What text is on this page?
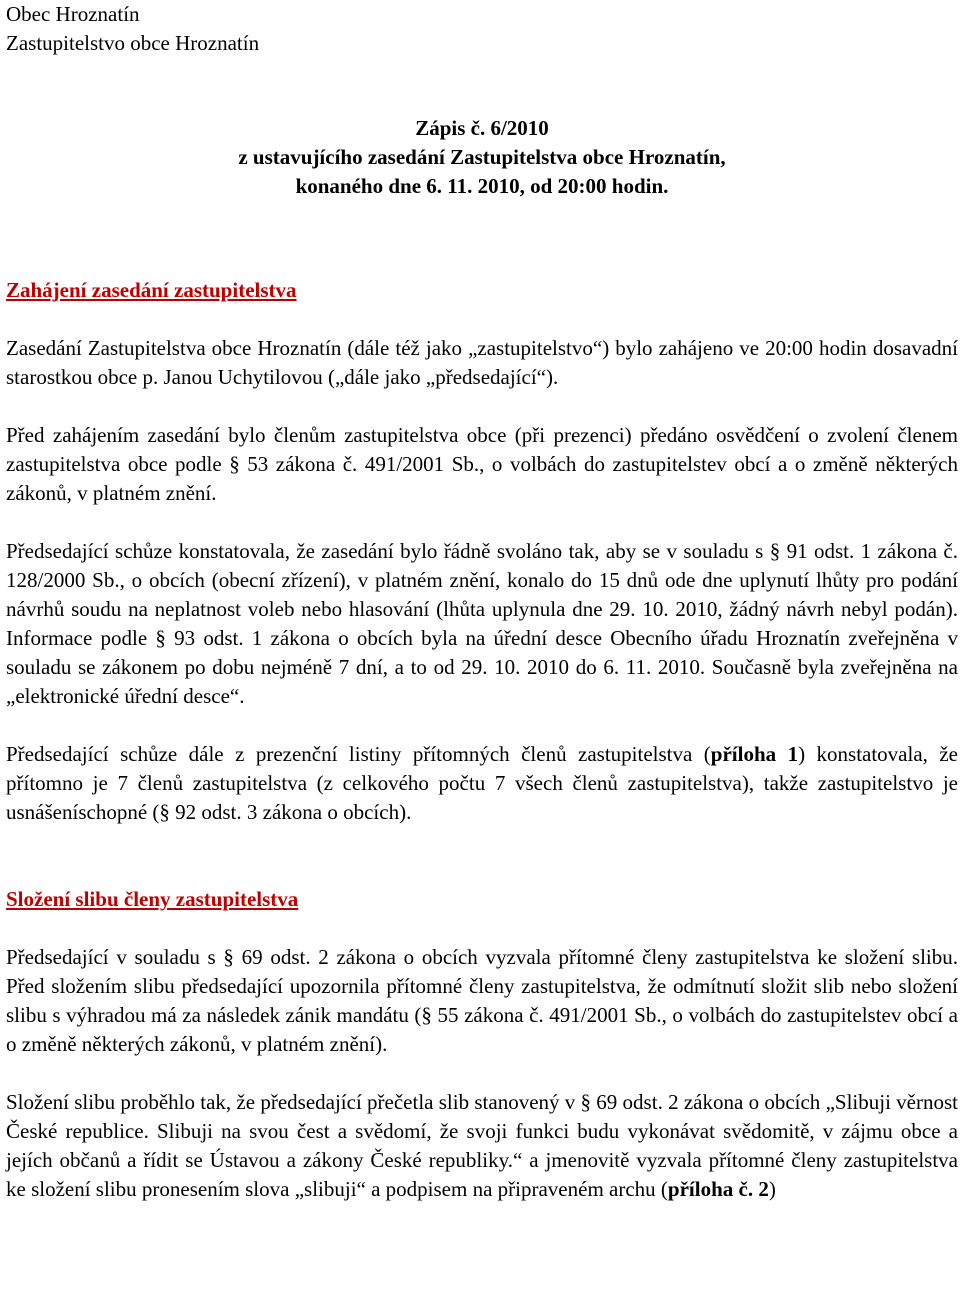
Obec Hroznatín
Zastupitelstvo obce Hroznatín
Zápis č. 6/2010
z ustavujícího zasedání Zastupitelstva obce Hroznatín,
konaného dne 6. 11. 2010, od 20:00 hodin.
Zahájení zasedání zastupitelstva

Zasedání Zastupitelstva obce Hroznatín (dále též jako „zastupitelstvo“) bylo zahájeno ve 20:00 hodin dosavadní starostkou obce p. Janou Uchytilovou („dále jako „předsedající“).

Před zahájením zasedání bylo členům zastupitelstva obce (při prezenci) předáno osvědčení o zvolení členem zastupitelstva obce podle § 53 zákona č. 491/2001 Sb., o volbách do zastupitelstev obcí a o změně některých zákonů, v platném znění.

Předsedající schůze konstatovala, že zasedání bylo řádně svoláno tak, aby se v souladu s § 91 odst. 1 zákona č. 128/2000 Sb., o obcích (obecní zřízení), v platném znění, konalo do 15 dnů ode dne uplynutí lhůty pro podání návrhů soudu na neplatnost voleb nebo hlasování (lhůta uplynula dne 29. 10. 2010, žádný návrh nebyl podán). Informace podle § 93 odst. 1 zákona o obcích byla na úřední desce Obecního úřadu Hroznatín zveřejněna v souladu se zákonem po dobu nejméně 7 dní, a to od 29. 10. 2010 do 6. 11. 2010. Současně byla zveřejněna na „elektronické úřední desce“.

Předsedající schůze dále z prezenční listiny přítomných členů zastupitelstva (příloha 1) konstatovala, že přítomno je 7 členů zastupitelstva (z celkového počtu 7 všech členů zastupitelstva), takže zastupitelstvo je usnášeníschopné (§ 92 odst. 3 zákona o obcích).

Složení slibu členy zastupitelstva

Předsedající v souladu s § 69 odst. 2 zákona o obcích vyzvala přítomné členy zastupitelstva ke složení slibu. Před složením slibu předsedající upozornila přítomné členy zastupitelstva, že odmítnutí složit slib nebo složení slibu s výhradou má za následek zánik mandátu (§ 55 zákona č. 491/2001 Sb., o volbách do zastupitelstev obcí a o změně některých zákonů, v platném znění).

Složení slibu proběhlo tak, že předsedající přečetla slib stanovený v § 69 odst. 2 zákona o obcích „Slibuji věrnost České republice. Slibuji na svou čest a svědomí, že svoji funkci budu vykonávat svědomitě, v zájmu obce a jejích občanů a řídit se Ústavou a zákony České republiky.“ a jmenovitě vyzvala přítomné členy zastupitelstva ke složení slibu pronesením slova „slibuji“ a podpisem na připraveném archu (příloha č. 2)
